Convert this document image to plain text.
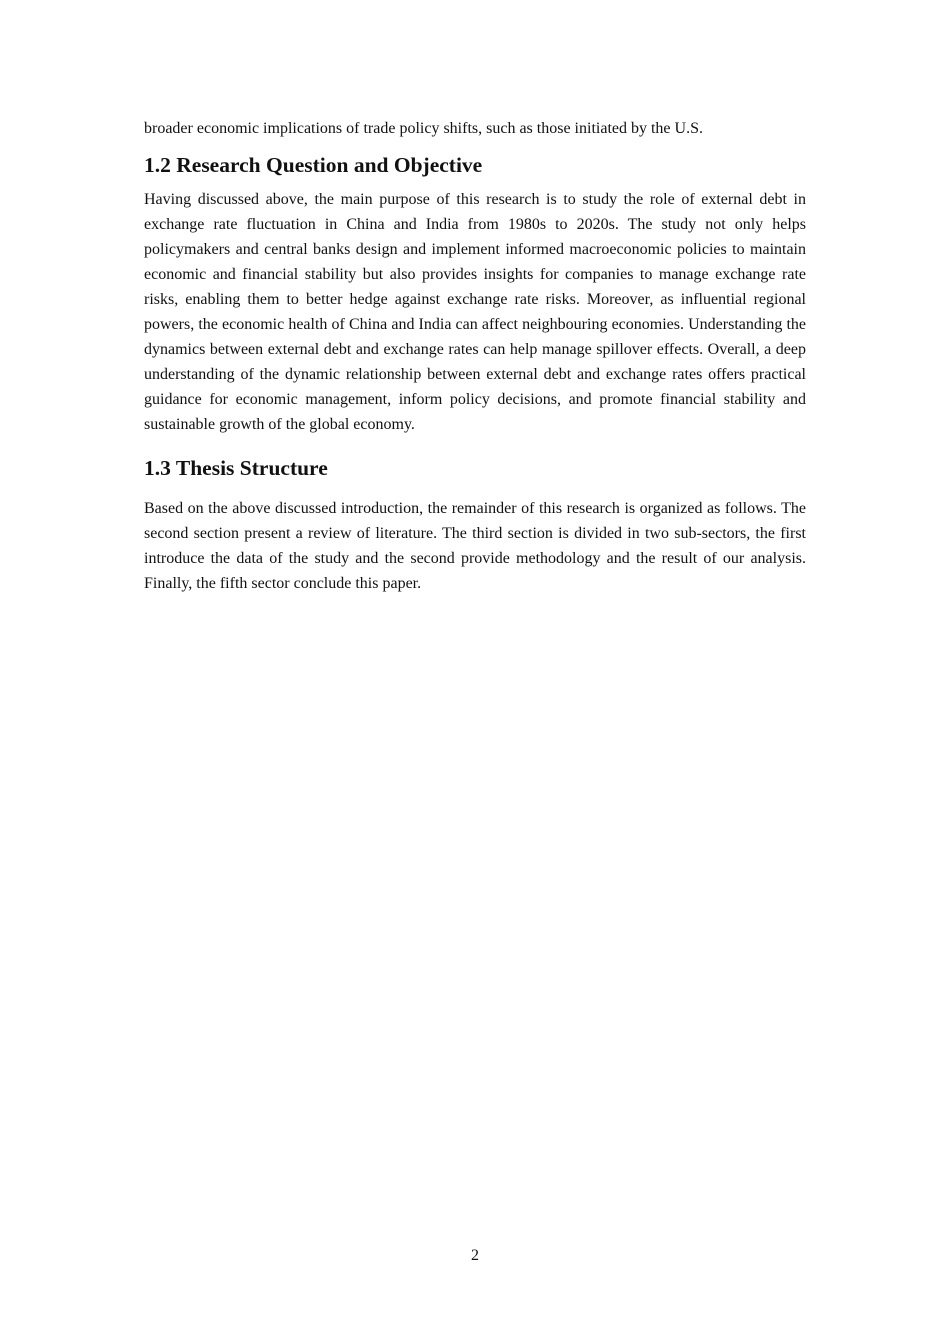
broader economic implications of trade policy shifts, such as those initiated by the U.S.

1.2 Research Question and Objective

Having discussed above, the main purpose of this research is to study the role of external debt in exchange rate fluctuation in China and India from 1980s to 2020s. The study not only helps policymakers and central banks design and implement informed macroeconomic policies to maintain economic and financial stability but also provides insights for companies to manage exchange rate risks, enabling them to better hedge against exchange rate risks. Moreover, as influential regional powers, the economic health of China and India can affect neighbouring economies. Understanding the dynamics between external debt and exchange rates can help manage spillover effects. Overall, a deep understanding of the dynamic relationship between external debt and exchange rates offers practical guidance for economic management, inform policy decisions, and promote financial stability and sustainable growth of the global economy.

1.3 Thesis Structure

Based on the above discussed introduction, the remainder of this research is organized as follows. The second section present a review of literature. The third section is divided in two sub-sectors, the first introduce the data of the study and the second provide methodology and the result of our analysis. Finally, the fifth sector conclude this paper.

2
